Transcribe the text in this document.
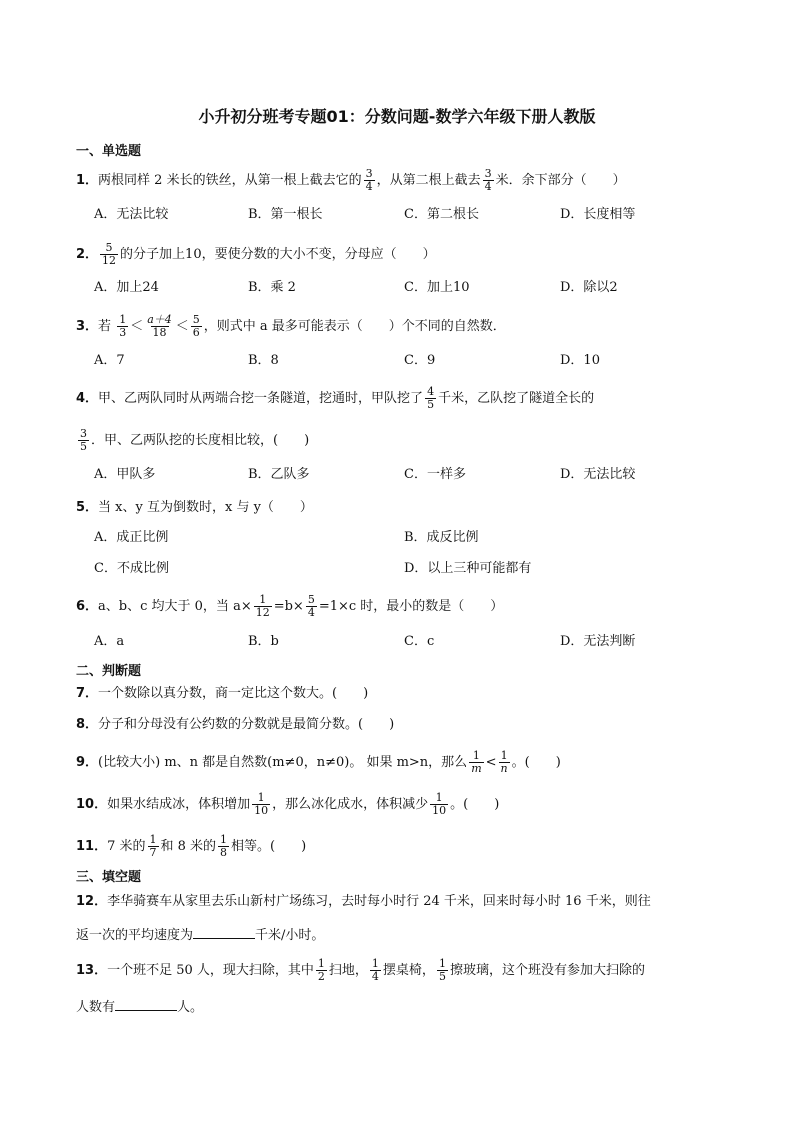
小升初分班考专题01：分数问题-数学六年级下册人教版
一、单选题
1．两根同样 2 米长的铁丝，从第一根上截去它的 $\frac{3}{4}$ ，从第二根上截去 $\frac{3}{4}$ 米．余下部分（　　）
A．无法比较	B．第一根长	C．第二根长	D．长度相等
2． $\frac{5}{12}$ 的分子加上10，要使分数的大小不变，分母应（　　）
A．加上24	B．乘 2	C．加上10	D．除以2
3．若 $\frac{1}{3} < \frac{a+4}{18} < \frac{5}{6}$ ，则式中 a 最多可能表示（　　）个不同的自然数．
A．7	B．8	C．9	D．10
4．甲、乙两队同时从两端合挖一条隧道，挖通时，甲队挖了 $\frac{4}{5}$ 千米，乙队挖了隧道全长的
$\frac{3}{5}$ ．甲、乙两队挖的长度相比较，(　　)
A．甲队多	B．乙队多	C．一样多	D．无法比较
5．当 x、y 互为倒数时，x 与 y（　　）
A．成正比例	B．成反比例
C．不成比例	D．以上三种可能都有
6．a、b、c 均大于 0，当 $a\times \frac{1}{12} =b\times \frac{5}{4} =1\times c$ 时，最小的数是（　　）
A．a	B．b	C．c	D．无法判断
二、判断题
7．一个数除以真分数，商一定比这个数大。(　　)
8．分子和分母没有公约数的分数就是最简分数。(　　)
9．(比较大小) m、n 都是自然数(m≠0，n≠0)。 如果 m>n，那么 $\frac{1}{m} < \frac{1}{n}$ 。(　　)
10．如果水结成冰，体积增加 $\frac{1}{10}$ ，那么冰化成水，体积减少 $\frac{1}{10}$ 。(　　)
11．7 米的 $\frac{1}{7}$ 和 8 米的 $\frac{1}{8}$ 相等。(　　)
三、填空题
12．李华骑赛车从家里去乐山新村广场练习，去时每小时行 24 千米，回来时每小时 16 千米，则往
返一次的平均速度为	千米/小时。
13．一个班不足 50 人，现大扫除，其中 $\frac{1}{2}$ 扫地， $\frac{1}{4}$ 摆桌椅， $\frac{1}{5}$ 擦玻璃，这个班没有参加大扫除的
人数有	人。
